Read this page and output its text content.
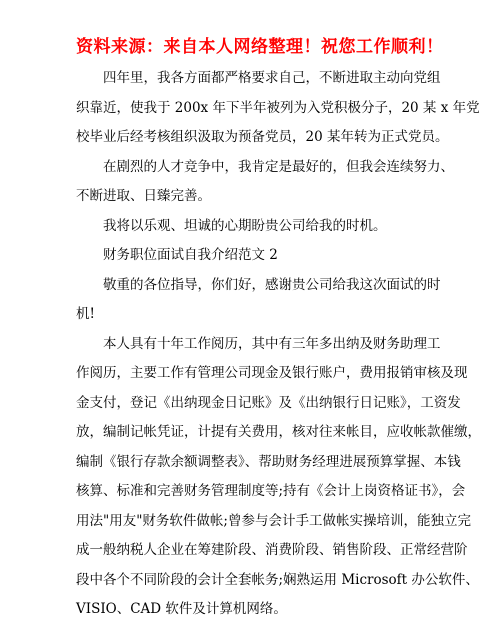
资料来源：来自本人网络整理！祝您工作顺利！

四年里，我各方面都严格要求自己，不断进取主动向党组
织靠近，使我于 200x 年下半年被列为入党积极分子，20 某 x 年党
校毕业后经考核组织汲取为预备党员，20 某年转为正式党员。

在剧烈的人才竞争中，我肯定是最好的，但我会连续努力、
不断进取、日臻完善。

我将以乐观、坦诚的心期盼贵公司给我的时机。

财务职位面试自我介绍范文 2

敬重的各位指导，你们好，感谢贵公司给我这次面试的时
机!

本人具有十年工作阅历，其中有三年多出纳及财务助理工
作阅历，主要工作有管理公司现金及银行账户，费用报销审核及现
金支付，登记《出纳现金日记账》及《出纳银行日记账》，工资发
放，编制记帐凭证，计提有关费用，核对往来帐目，应收帐款催缴，
编制《银行存款余额调整表》、帮助财务经理进展预算掌握、本钱
核算、标准和完善财务管理制度等;持有《会计上岗资格证书》，会
用法"用友"财务软件做帐;曾参与会计手工做帐实操培训，能独立完
成一般纳税人企业在筹建阶段、消费阶段、销售阶段、正常经营阶
段中各个不同阶段的会计全套帐务;娴熟运用 Microsoft 办公软件、
VISIO、CAD 软件及计算机网络。
